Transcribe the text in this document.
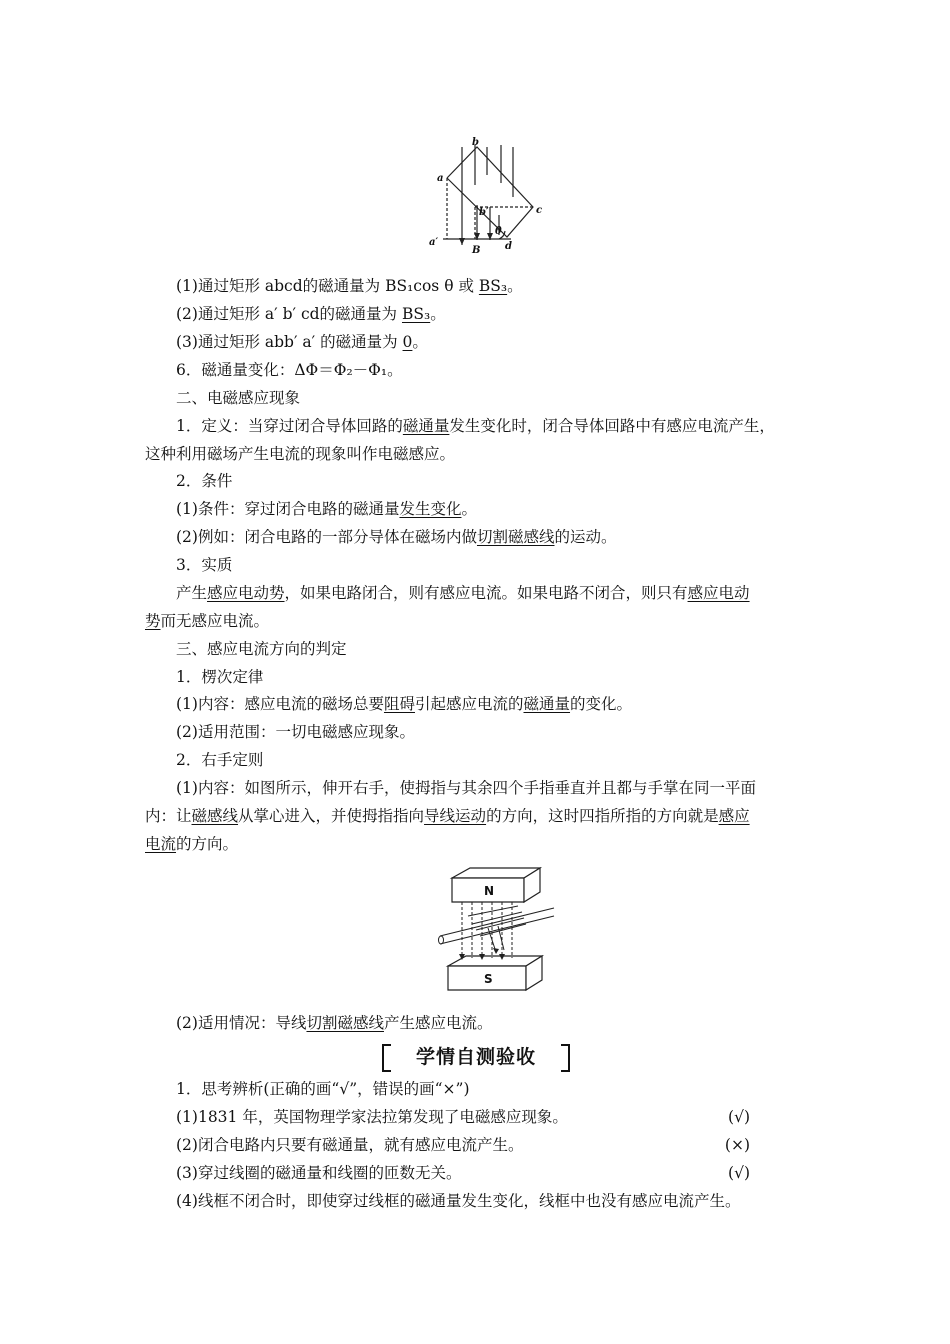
b
a
c
d
b′
a′
B
θ
(1)通过矩形 abcd的磁通量为 BS₁cos θ 或 BS₃。
(2)通过矩形 a′ b′ cd的磁通量为 BS₃。
(3)通过矩形 abb′ a′ 的磁通量为 0。
6．磁通量变化：ΔΦ＝Φ₂－Φ₁。
二、电磁感应现象
1．定义：当穿过闭合导体回路的磁通量发生变化时，闭合导体回路中有感应电流产生，
这种利用磁场产生电流的现象叫作电磁感应。
2．条件
(1)条件：穿过闭合电路的磁通量发生变化。
(2)例如：闭合电路的一部分导体在磁场内做切割磁感线的运动。
3．实质
产生感应电动势，如果电路闭合，则有感应电流。如果电路不闭合，则只有感应电动
势而无感应电流。
三、感应电流方向的判定
1．楞次定律
(1)内容：感应电流的磁场总要阻碍引起感应电流的磁通量的变化。
(2)适用范围：一切电磁感应现象。
2．右手定则
(1)内容：如图所示，伸开右手，使拇指与其余四个手指垂直并且都与手掌在同一平面
内：让磁感线从掌心进入，并使拇指指向导线运动的方向，这时四指所指的方向就是感应
电流的方向。
N
S
(2)适用情况：导线切割磁感线产生感应电流。
学情自测验收
1．思考辨析(正确的画“√”，错误的画“×”)
(1)1831 年，英国物理学家法拉第发现了电磁感应现象。	(√)
(2)闭合电路内只要有磁通量，就有感应电流产生。	(×)
(3)穿过线圈的磁通量和线圈的匝数无关。	(√)
(4)线框不闭合时，即使穿过线框的磁通量发生变化，线框中也没有感应电流产生。
